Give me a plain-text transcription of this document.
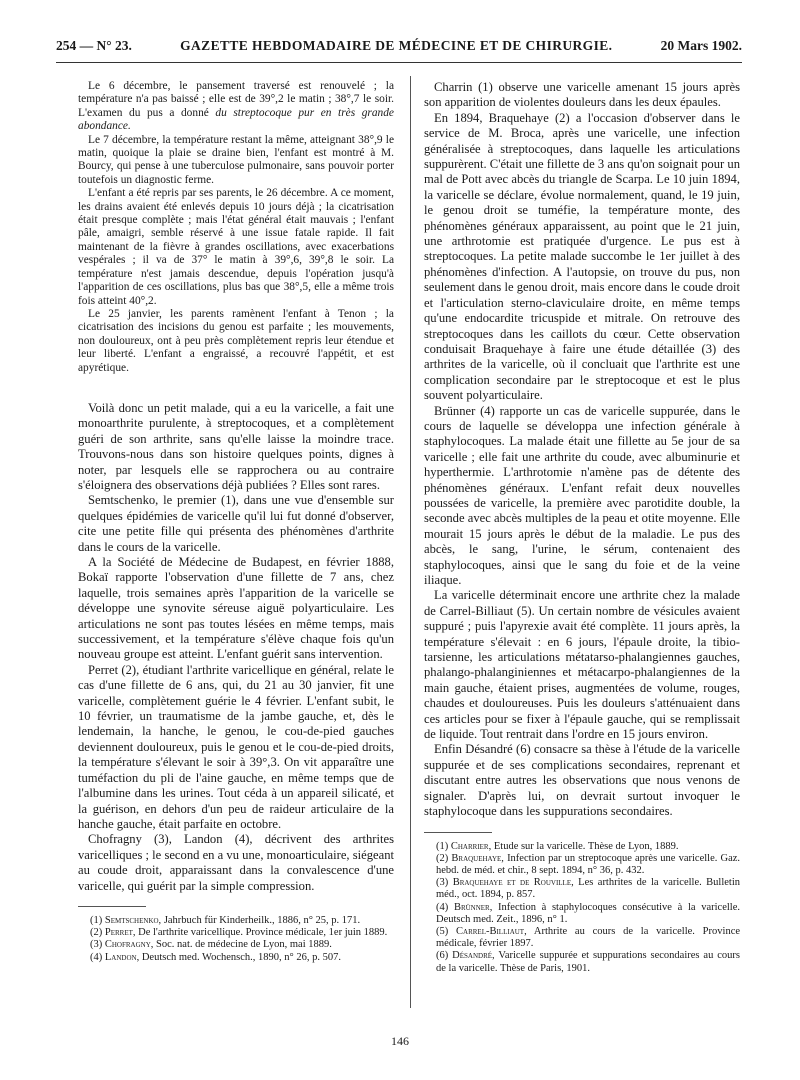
254 — N° 23.	GAZETTE HEBDOMADAIRE DE MÉDECINE ET DE CHIRURGIE.	20 Mars 1902.

Le 6 décembre, le pansement traversé est renouvelé ; la température n'a pas baissé ; elle est de 39°,2 le matin ; 38°,7 le soir. L'examen du pus a donné du streptocoque pur en très grande abondance.

Le 7 décembre, la température restant la même, atteignant 38°,9 le matin, quoique la plaie se draine bien, l'enfant est montré à M. Bourcy, qui pense à une tuberculose pulmonaire, sans pouvoir porter toutefois un diagnostic ferme.

L'enfant a été repris par ses parents, le 26 décembre. A ce moment, les drains avaient été enlevés depuis 10 jours déjà ; la cicatrisation était presque complète ; mais l'état général était mauvais ; l'enfant pâle, amaigri, semble réservé à une issue fatale rapide. Il fait maintenant de la fièvre à grandes oscillations, avec exacerbations vespérales ; il va de 37° le matin à 39°,6, 39°,8 le soir. La température n'est jamais descendue, depuis l'opération jusqu'à l'apparition de ces oscillations, plus bas que 38°,5, elle a même trois fois atteint 40°,2.

Le 25 janvier, les parents ramènent l'enfant à Tenon ; la cicatrisation des incisions du genou est parfaite ; les mouvements, non douloureux, ont à peu près complètement repris leur étendue et leur liberté. L'enfant a engraissé, a recouvré l'appétit, et est apyrétique.

Voilà donc un petit malade, qui a eu la varicelle, a fait une monoarthrite purulente, à streptocoques, et a complètement guéri de son arthrite, sans qu'elle laisse la moindre trace. Trouvons-nous dans son histoire quelques points, dignes à noter, par lesquels elle se rapprochera ou au contraire s'éloignera des observations déjà publiées ? Elles sont rares.

Semtschenko, le premier (1), dans une vue d'ensemble sur quelques épidémies de varicelle qu'il lui fut donné d'observer, cite une petite fille qui présenta des phénomènes d'arthrite dans le cours de la varicelle.

A la Société de Médecine de Budapest, en février 1888, Bokaï rapporte l'observation d'une fillette de 7 ans, chez laquelle, trois semaines après l'apparition de la varicelle se développe une synovite séreuse aiguë polyarticulaire. Les articulations ne sont pas toutes lésées en même temps, mais successivement, et la température s'élève chaque fois qu'un nouveau groupe est atteint. L'enfant guérit sans intervention.

Perret (2), étudiant l'arthrite varicellique en général, relate le cas d'une fillette de 6 ans, qui, du 21 au 30 janvier, fit une varicelle, complètement guérie le 4 février. L'enfant subit, le 10 février, un traumatisme de la jambe gauche, et, dès le lendemain, la hanche, le genou, le cou-de-pied gauches deviennent douloureux, puis le genou et le cou-de-pied droits, la température s'élevant le soir à 39°,3. On vit apparaître une tuméfaction du pli de l'aine gauche, en même temps que de l'albumine dans les urines. Tout céda à un appareil silicaté, et la guérison, en dehors d'un peu de raideur articulaire de la hanche gauche, était parfaite en octobre.

Chofragny (3), Landon (4), décrivent des arthrites varicelliques ; le second en a vu une, monoarticulaire, siégeant au coude droit, apparaissant dans la convalescence d'une varicelle, qui guérit par la simple compression.

(1) Semtschenko, Jahrbuch für Kinderheilk., 1886, n° 25, p. 171.

(2) Perret, De l'arthrite varicellique. Province médicale, 1er juin 1889.

(3) Chofragny, Soc. nat. de médecine de Lyon, mai 1889.

(4) Landon, Deutsch med. Wochensch., 1890, n° 26, p. 507.

Charrin (1) observe une varicelle amenant 15 jours après son apparition de violentes douleurs dans les deux épaules.

En 1894, Braquehaye (2) a l'occasion d'observer dans le service de M. Broca, après une varicelle, une infection généralisée à streptocoques, dans laquelle les articulations suppurèrent. C'était une fillette de 3 ans qu'on soignait pour un mal de Pott avec abcès du triangle de Scarpa. Le 10 juin 1894, la varicelle se déclare, évolue normalement, quand, le 19 juin, le genou droit se tuméfie, la température monte, des phénomènes généraux apparaissent, au point que le 21 juin, une arthrotomie est pratiquée d'urgence. Le pus est à streptocoques. La petite malade succombe le 1er juillet à des phénomènes d'infection. A l'autopsie, on trouve du pus, non seulement dans le genou droit, mais encore dans le coude droit et l'articulation sterno-claviculaire droite, en même temps qu'une endocardite tricuspide et mitrale. On retrouve des streptocoques dans les caillots du cœur. Cette observation conduisait Braquehaye à faire une étude détaillée (3) des arthrites de la varicelle, où il concluait que l'arthrite est une complication secondaire par le streptocoque et est le plus souvent polyarticulaire.

Brünner (4) rapporte un cas de varicelle suppurée, dans le cours de laquelle se développa une infection générale à staphylocoques. La malade était une fillette au 5e jour de sa varicelle ; elle fait une arthrite du coude, avec albuminurie et hyperthermie. L'arthrotomie n'amène pas de détente des phénomènes généraux. L'enfant refait deux nouvelles poussées de varicelle, la première avec parotidite double, la seconde avec abcès multiples de la peau et otite moyenne. Elle mourait 15 jours après le début de la maladie. Le pus des abcès, le sang, l'urine, le sérum, contenaient des staphylocoques, ainsi que le sang du foie et de la veine iliaque.

La varicelle déterminait encore une arthrite chez la malade de Carrel-Billiaut (5). Un certain nombre de vésicules avaient suppuré ; puis l'apyrexie avait été complète. 11 jours après, la température s'élevait : en 6 jours, l'épaule droite, la tibio-tarsienne, les articulations métatarso-phalangiennes gauches, phalango-phalanginiennes et métacarpo-phalangiennes de la main gauche, étaient prises, augmentées de volume, rouges, chaudes et douloureuses. Puis les douleurs s'atténuaient dans ces articles pour se fixer à l'épaule gauche, qui se remplissait de liquide. Tout rentrait dans l'ordre en 15 jours environ.

Enfin Désandré (6) consacre sa thèse à l'étude de la varicelle suppurée et de ses complications secondaires, reprenant et discutant entre autres les observations que nous venons de signaler. D'après lui, on devrait surtout invoquer le staphylocoque dans les suppurations secondaires.

(1) Charrier, Etude sur la varicelle. Thèse de Lyon, 1889.

(2) Braquehaye, Infection par un streptocoque après une varicelle. Gaz. hebd. de méd. et chir., 8 sept. 1894, n° 36, p. 432.

(3) Braquehaye et de Rouville, Les arthrites de la varicelle. Bulletin méd., oct. 1894, p. 857.

(4) Brünner, Infection à staphylocoques consécutive à la varicelle. Deutsch med. Zeit., 1896, n° 1.

(5) Carrel-Billiaut, Arthrite au cours de la varicelle. Province médicale, février 1897.

(6) Désandré, Varicelle suppurée et suppurations secondaires au cours de la varicelle. Thèse de Paris, 1901.

146
